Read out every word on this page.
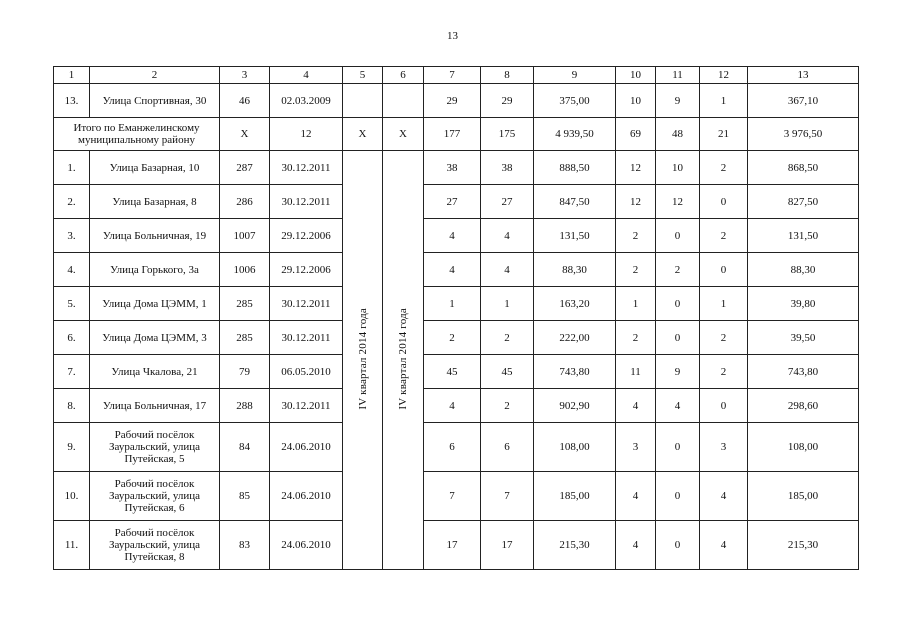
13
1	2	3	4	5	6	7	8	9	10	11	12	13
13.	Улица Спортивная, 30	46	02.03.2009			29	29	375,00	10	9	1	367,10
Итого по Еманжелинскому муниципальному району		X	12	X	X	177	175	4 939,50	69	48	21	3 976,50
1.	Улица Базарная, 10	287	30.12.2011	IV квартал 2014 года	IV квартал 2014 года	38	38	888,50	12	10	2	868,50
2.	Улица Базарная, 8	286	30.12.2011			27	27	847,50	12	12	0	827,50
3.	Улица Больничная, 19	1007	29.12.2006			4	4	131,50	2	0	2	131,50
4.	Улица Горького, 3а	1006	29.12.2006			4	4	88,30	2	2	0	88,30
5.	Улица Дома ЦЭММ, 1	285	30.12.2011			1	1	163,20	1	0	1	39,80
6.	Улица Дома ЦЭММ, 3	285	30.12.2011			2	2	222,00	2	0	2	39,50
7.	Улица Чкалова, 21	79	06.05.2010			45	45	743,80	11	9	2	743,80
8.	Улица Больничная, 17	288	30.12.2011			4	2	902,90	4	4	0	298,60
9.	Рабочий посёлок Зауральский, улица Путейская, 5	84	24.06.2010			6	6	108,00	3	0	3	108,00
10.	Рабочий посёлок Зауральский, улица Путейская, 6	85	24.06.2010			7	7	185,00	4	0	4	185,00
11.	Рабочий посёлок Зауральский, улица Путейская, 8	83	24.06.2010			17	17	215,30	4	0	4	215,30
